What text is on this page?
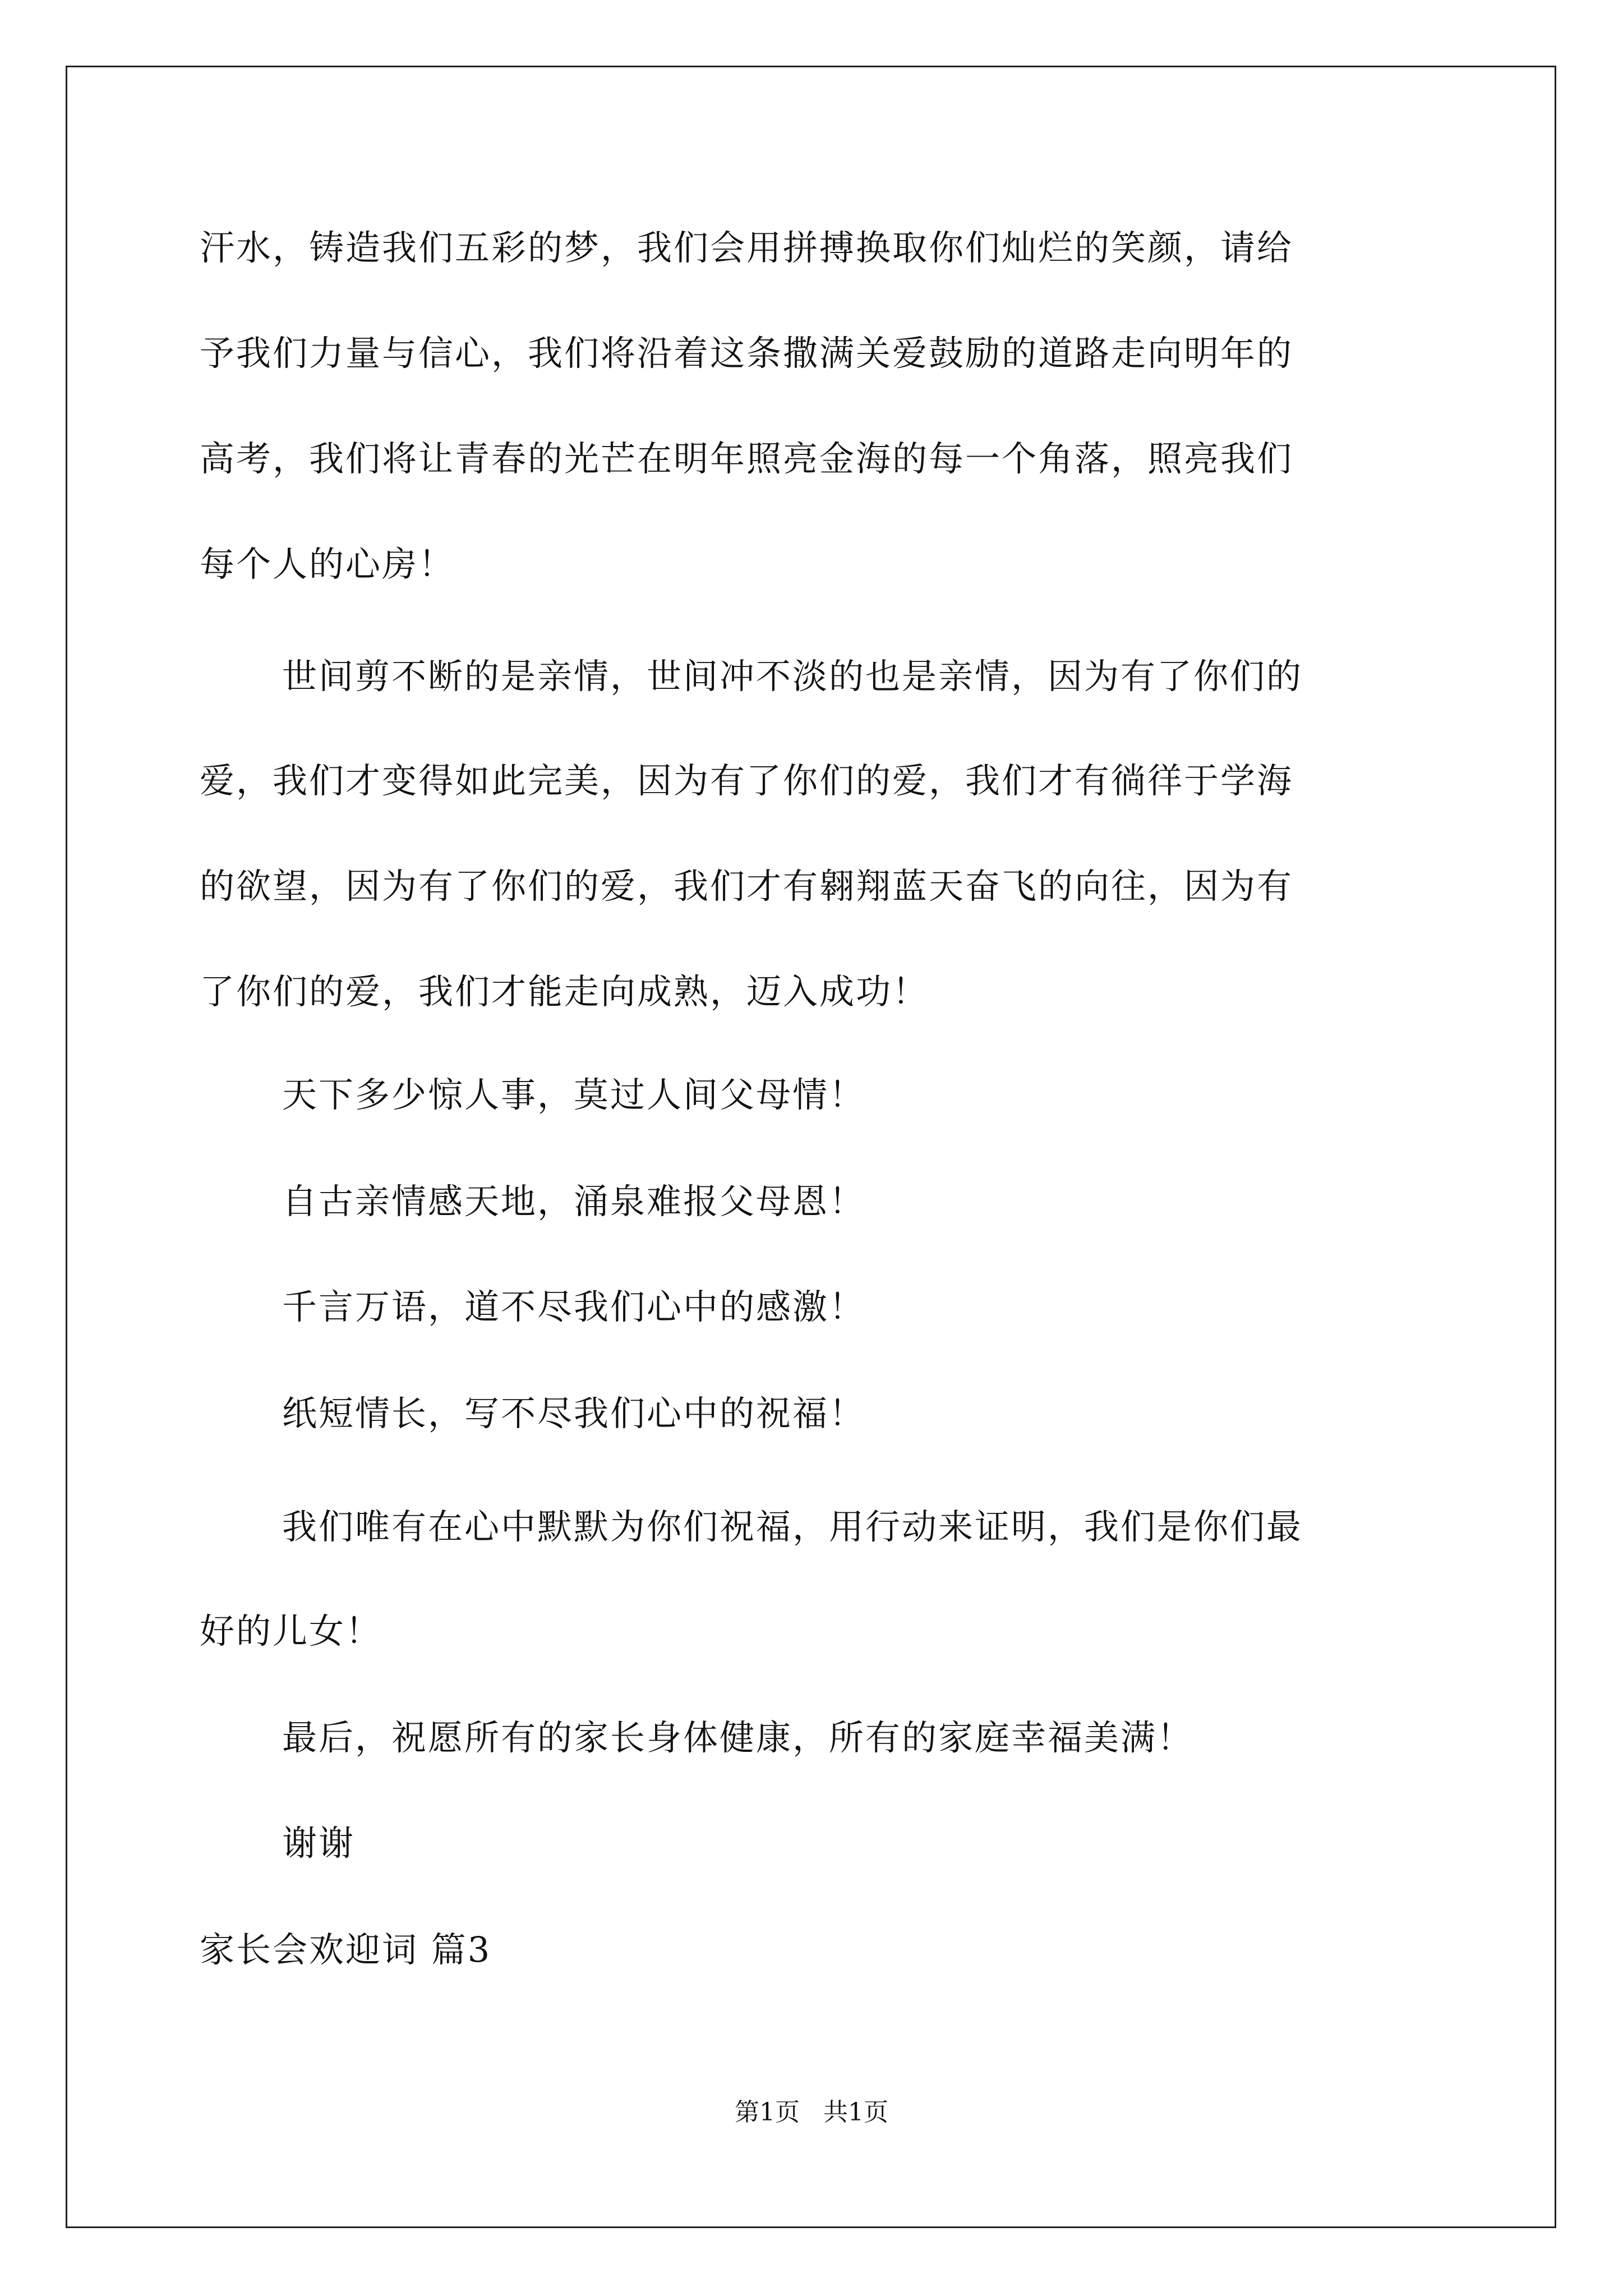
汗水，铸造我们五彩的梦，我们会用拼搏换取你们灿烂的笑颜，请给
予我们力量与信心，我们将沿着这条撒满关爱鼓励的道路走向明年的
高考，我们将让青春的光芒在明年照亮金海的每一个角落，照亮我们
每个人的心房！
世间剪不断的是亲情，世间冲不淡的也是亲情，因为有了你们的
爱，我们才变得如此完美，因为有了你们的爱，我们才有徜徉于学海
的欲望，因为有了你们的爱，我们才有翱翔蓝天奋飞的向往，因为有
了你们的爱，我们才能走向成熟，迈入成功！
天下多少惊人事，莫过人间父母情！
自古亲情感天地，涌泉难报父母恩！
千言万语，道不尽我们心中的感激！
纸短情长，写不尽我们心中的祝福！
我们唯有在心中默默为你们祝福，用行动来证明，我们是你们最
好的儿女！
最后，祝愿所有的家长身体健康，所有的家庭幸福美满！
谢谢
家长会欢迎词 篇3
第1页   共1页
